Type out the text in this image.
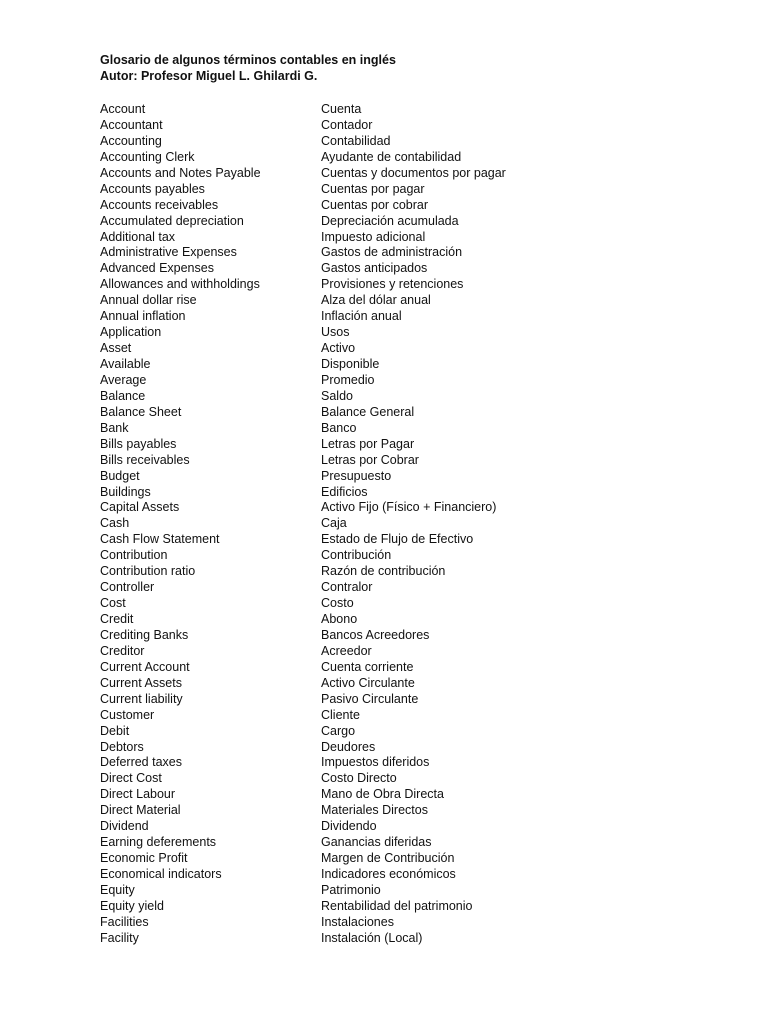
Glosario de algunos términos contables en inglés

Autor: Profesor Miguel L. Ghilardi G.

Account	Cuenta
Accountant	Contador
Accounting	Contabilidad
Accounting Clerk	Ayudante de contabilidad
Accounts and Notes Payable	Cuentas y documentos por pagar
Accounts payables	Cuentas por pagar
Accounts receivables	Cuentas por cobrar
Accumulated depreciation	Depreciación acumulada
Additional tax	Impuesto adicional
Administrative Expenses	Gastos de administración
Advanced Expenses	Gastos anticipados
Allowances and withholdings	Provisiones y retenciones
Annual dollar rise	Alza del dólar anual
Annual inflation	Inflación anual
Application	Usos
Asset	Activo
Available	Disponible
Average	Promedio
Balance	Saldo
Balance Sheet	Balance General
Bank	Banco
Bills payables	Letras por Pagar
Bills receivables	Letras por Cobrar
Budget	Presupuesto
Buildings	Edificios
Capital Assets	Activo Fijo (Físico + Financiero)
Cash	Caja
Cash Flow Statement	Estado de Flujo de Efectivo
Contribution	Contribución
Contribution ratio	Razón de contribución
Controller	Contralor
Cost	Costo
Credit	Abono
Crediting Banks	Bancos Acreedores
Creditor	Acreedor
Current Account	Cuenta corriente
Current Assets	Activo Circulante
Current liability	Pasivo Circulante
Customer	Cliente
Debit	Cargo
Debtors	Deudores
Deferred taxes	Impuestos diferidos
Direct Cost	Costo Directo
Direct Labour	Mano de Obra Directa
Direct Material	Materiales Directos
Dividend	Dividendo
Earning deferements	Ganancias diferidas
Economic Profit	Margen de Contribución
Economical indicators	Indicadores económicos
Equity	Patrimonio
Equity yield	Rentabilidad del patrimonio
Facilities	Instalaciones
Facility	Instalación (Local)
